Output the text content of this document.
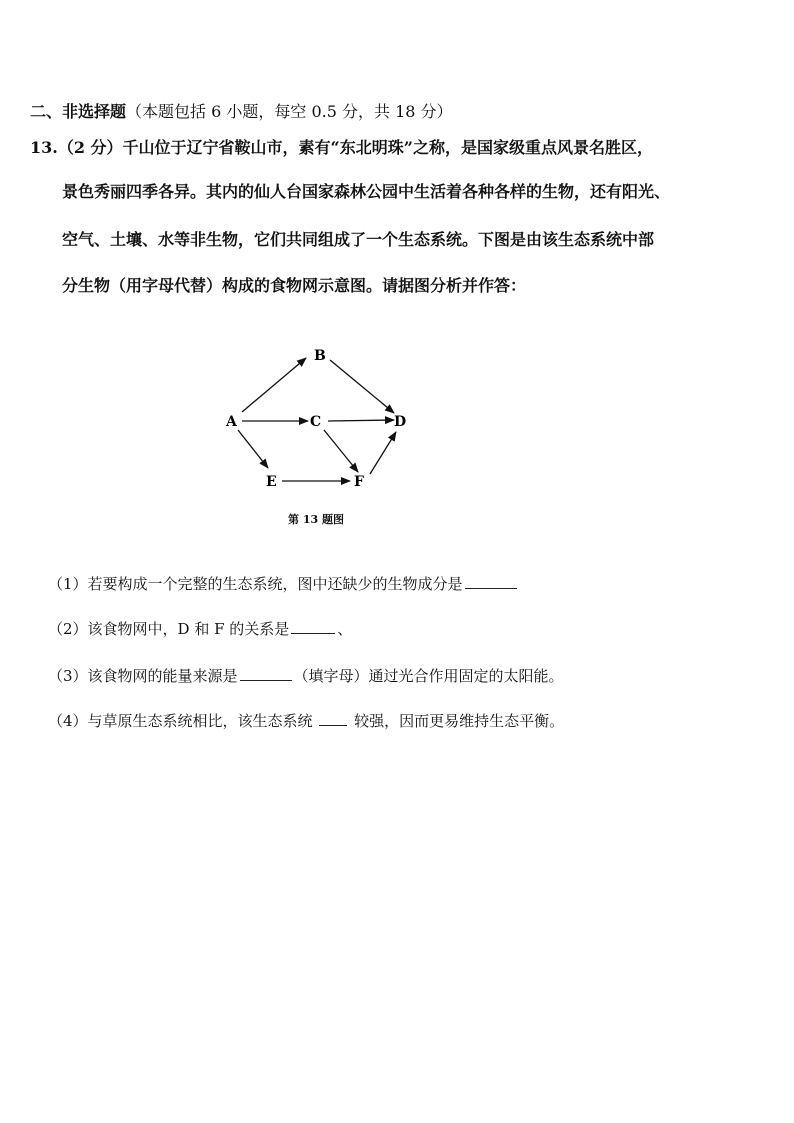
二、非选择题（本题包括 6 小题，每空 0.5 分，共 18 分）
13.（2 分）千山位于辽宁省鞍山市，素有“东北明珠”之称，是国家级重点风景名胜区，
景色秀丽四季各异。其内的仙人台国家森林公园中生活着各种各样的生物，还有阳光、
空气、土壤、水等非生物，它们共同组成了一个生态系统。下图是由该生态系统中部
分生物（用字母代替）构成的食物网示意图。请据图分析并作答：
A
B
C	D
E	F
第 13 题图
（1）若要构成一个完整的生态系统，图中还缺少的生物成分是
（2）该食物网中，D 和 F 的关系是	、
（3）该食物网的能量来源是	（填字母）通过光合作用固定的太阳能。
（4）与草原生态系统相比，该生态系统	较强，因而更易维持生态平衡。
